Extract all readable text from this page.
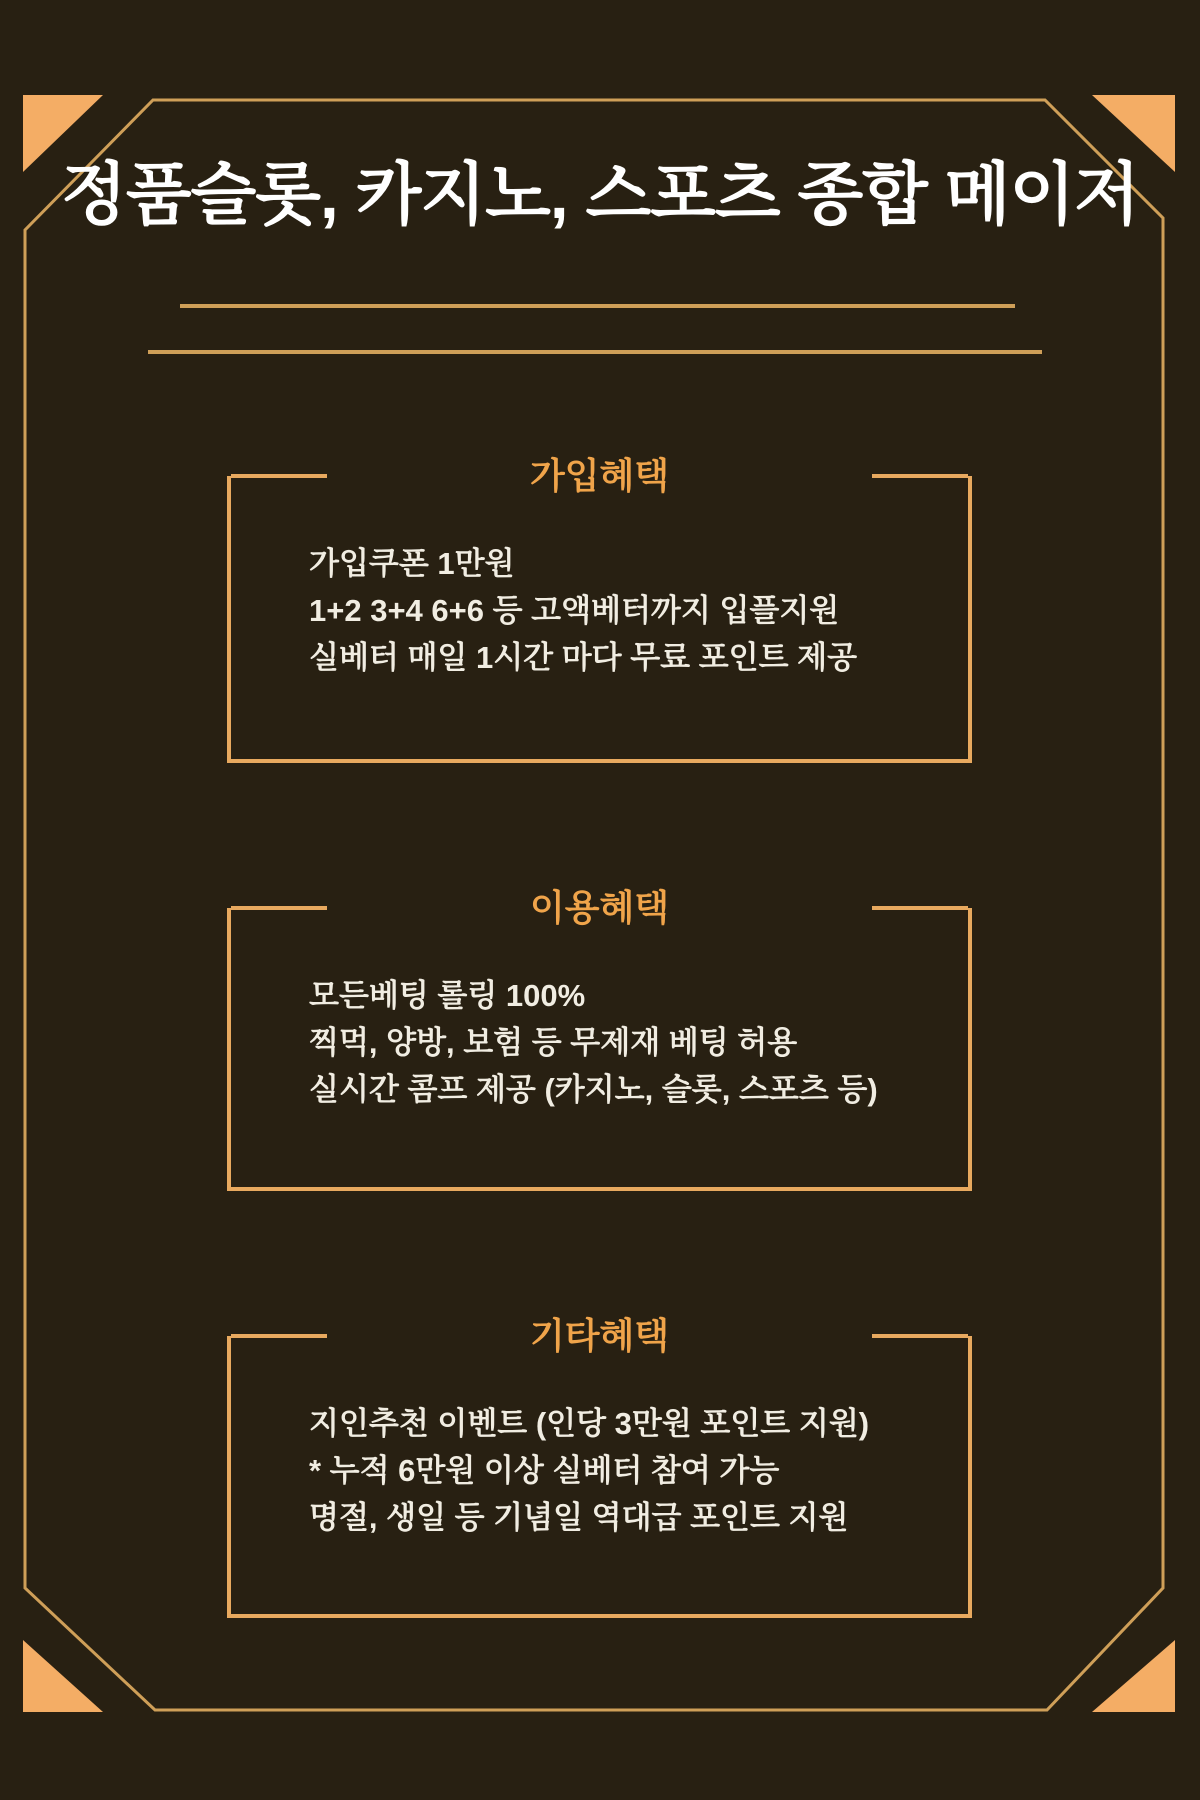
정품슬롯, 카지노, 스포츠 종합 메이저
가입혜택
가입쿠폰 1만원
1+2 3+4 6+6 등 고액베터까지 입플지원
실베터 매일 1시간 마다 무료 포인트 제공
이용혜택
모든베팅 롤링 100%
찍먹, 양방, 보험 등 무제재 베팅 허용
실시간 콤프 제공 (카지노, 슬롯, 스포츠 등)
기타혜택
지인추천 이벤트 (인당 3만원 포인트 지원)
* 누적 6만원 이상 실베터 참여 가능
명절, 생일 등 기념일 역대급 포인트 지원
